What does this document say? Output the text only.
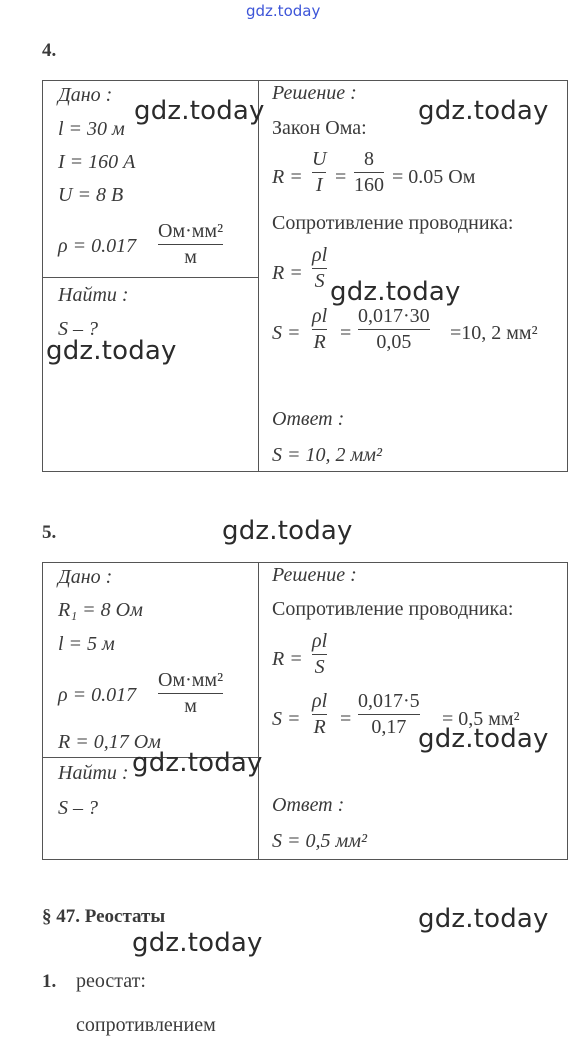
gdz.today
4.
Дано :
l = 30 м
I = 160 А
U = 8 В
ρ = 0.017
Ом·мм²
м
Найти :
S – ?
Решение :
Закон Ома:
R =
U
I =
8
160 = 0.05 Ом
Сопротивление проводника:
R =
ρl
S
S =
ρl
R =
0,017·30
0,05 =10, 2 мм²
Ответ :
S = 10, 2 мм²
gdz.today	gdz.today
gdz.today
gdz.today
5.	gdz.today
Дано :
R₁ = 8 Ом
l = 5 м
ρ = 0.017
Ом·мм²
м
R = 0,17 Ом
Найти :
S – ?
Решение :
Сопротивление проводника:
R =
ρl
S
S =
ρl
R =
0,017·5
0,17 = 0,5 мм²
Ответ :
S = 0,5 мм²
gdz.today
gdz.today
§ 47. Реостаты	gdz.today
gdz.today
1. реостат:
сопротивлением
